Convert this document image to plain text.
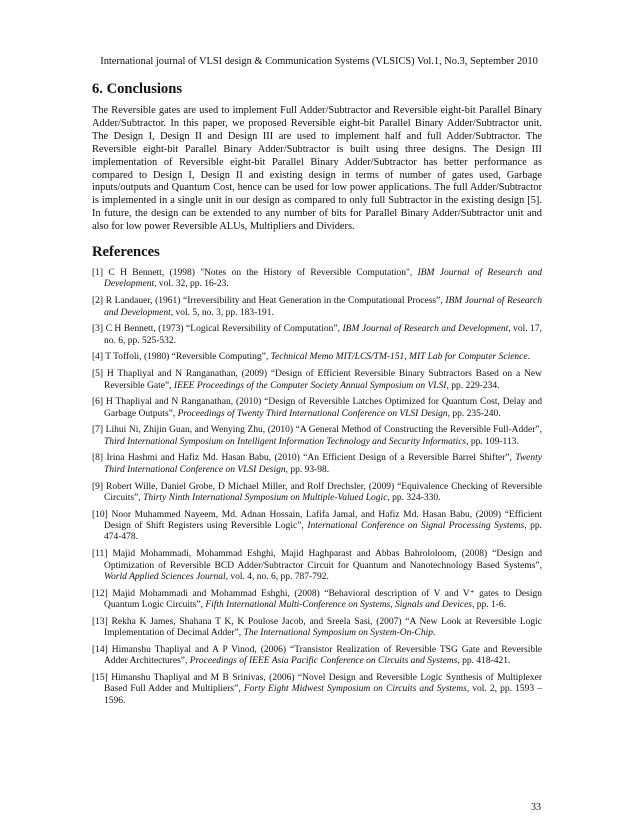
International journal of VLSI design & Communication Systems (VLSICS) Vol.1, No.3, September 2010
6. Conclusions

The Reversible gates are used to implement Full Adder/Subtractor and Reversible eight-bit Parallel Binary Adder/Subtractor. In this paper, we proposed Reversible eight-bit Parallel Binary Adder/Subtractor unit. The Design I, Design II and Design III are used to implement half and full Adder/Subtractor. The Reversible eight-bit Parallel Binary Adder/Subtractor is built using three designs. The Design III implementation of Reversible eight-bit Parallel Binary Adder/Subtractor has better performance as compared to Design I, Design II and existing design in terms of number of gates used, Garbage inputs/outputs and Quantum Cost, hence can be used for low power applications. The full Adder/Subtractor is implemented in a single unit in our design as compared to only full Subtractor in the existing design [5]. In future, the design can be extended to any number of bits for Parallel Binary Adder/Subtractor unit and also for low power Reversible ALUs, Multipliers and Dividers.

References
[1] C H Bennett, (1998) "Notes on the History of Reversible Computation", IBM Journal of Research and Development, vol. 32, pp. 16-23.
[2] R Landauer, (1961) “Irreversibility and Heat Generation in the Computational Process”, IBM Journal of Research and Development, vol. 5, no. 3, pp. 183-191.
[3] C H Bennett, (1973) “Logical Reversibility of Computation”, IBM Journal of Research and Development, vol. 17, no. 6, pp. 525-532.
[4] T Toffoli, (1980) “Reversible Computing”, Technical Memo MIT/LCS/TM-151, MIT Lab for Computer Science.
[5] H Thapliyal and N Ranganathan, (2009) “Design of Efficient Reversible Binary Subtractors Based on a New Reversible Gate”, IEEE Proceedings of the Computer Society Annual Symposium on VLSI, pp. 229-234.
[6] H Thapliyal and N Ranganathan, (2010) “Design of Reversible Latches Optimized for Quantum Cost, Delay and Garbage Outputs”, Proceedings of Twenty Third International Conference on VLSI Design, pp. 235-240.
[7] Lihui Ni, Zhijin Guan, and Wenying Zhu, (2010) “A General Method of Constructing the Reversible Full-Adder”, Third International Symposium on Intelligent Information Technology and Security Informatics, pp. 109-113.
[8] Irina Hashmi and Hafiz Md. Hasan Babu, (2010) “An Efficient Design of a Reversible Barrel Shifter”, Twenty Third International Conference on VLSI Design, pp. 93-98.
[9] Robert Wille, Daniel Grobe, D Michael Miller, and Rolf Drechsler, (2009) “Equivalence Checking of Reversible Circuits”, Thirty Ninth International Symposium on Multiple-Valued Logic, pp. 324-330.
[10] Noor Muhammed Nayeem, Md. Adnan Hossain, Lafifa Jamal, and Hafiz Md. Hasan Babu, (2009) “Efficient Design of Shift Registers using Reversible Logic”, International Conference on Signal Processing Systems, pp. 474-478.
[11] Majid Mohammadi, Mohammad Eshghi, Majid Haghparast and Abbas Bahrololoom, (2008) “Design and Optimization of Reversible BCD Adder/Subtractor Circuit for Quantum and Nanotechnology Based Systems”, World Applied Sciences Journal, vol. 4, no. 6, pp. 787-792.
[12] Majid Mohammadi and Mohammad Eshghi, (2008) “Behavioral description of V and V⁺ gates to Design Quantum Logic Circuits”, Fifth International Multi-Conference on Systems, Signals and Devices, pp. 1-6.
[13] Rekha K James, Shahana T K, K Poulose Jacob, and Sreela Sasi, (2007) “A New Look at Reversible Logic Implementation of Decimal Adder”, The International Symposium on System-On-Chip.
[14] Himanshu Thapliyal and A P Vinod, (2006) “Transistor Realization of Reversible TSG Gate and Reversible Adder Architectures”, Proceedings of IEEE Asia Pacific Conference on Circuits and Systems, pp. 418-421.
[15] Himanshu Thapliyal and M B Srinivas, (2006) “Novel Design and Reversible Logic Synthesis of Multiplexer Based Full Adder and Multipliers”, Forty Eight Midwest Symposium on Circuits and Systems, vol. 2, pp. 1593 – 1596.
33
